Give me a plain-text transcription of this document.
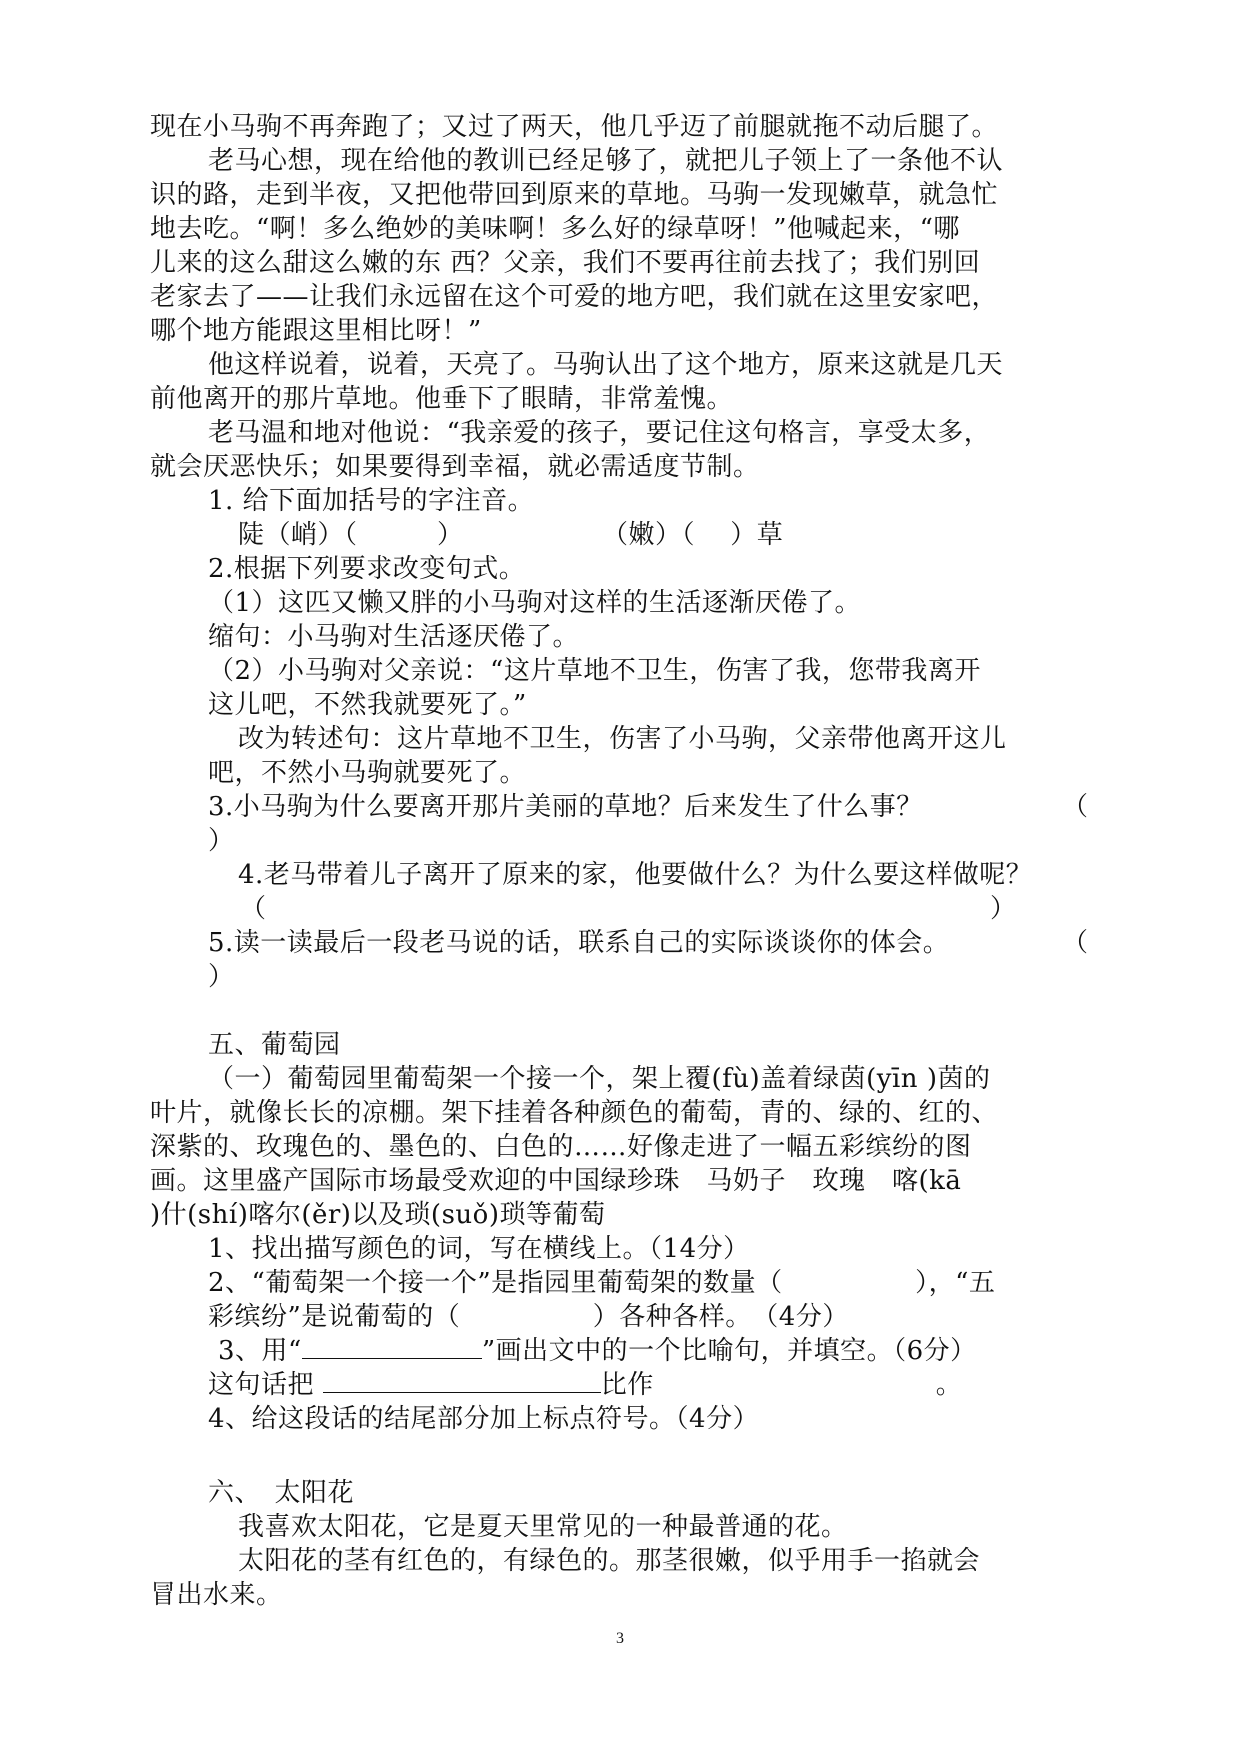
现在小马驹不再奔跑了；又过了两天，他几乎迈了前腿就拖不动后腿了。
老马心想，现在给他的教训已经足够了，就把儿子领上了一条他不认
识的路，走到半夜，又把他带回到原来的草地。马驹一发现嫩草，就急忙
地去吃。“啊！多么绝妙的美味啊！多么好的绿草呀！”他喊起来，“哪
儿来的这么甜这么嫩的东 西？父亲，我们不要再往前去找了；我们别回
老家去了——让我们永远留在这个可爱的地方吧，我们就在这里安家吧，
哪个地方能跟这里相比呀！”
他这样说着，说着，天亮了。马驹认出了这个地方，原来这就是几天
前他离开的那片草地。他垂下了眼睛，非常羞愧。
老马温和地对他说：“我亲爱的孩子，要记住这句格言，享受太多，
就会厌恶快乐；如果要得到幸福，就必需适度节制。
1. 给下面加括号的字注音。
陡（峭）（　　　）	（嫩）（　 ）草
2.根据下列要求改变句式。
（1）这匹又懒又胖的小马驹对这样的生活逐渐厌倦了。
缩句：小马驹对生活逐厌倦了。
（2）小马驹对父亲说：“这片草地不卫生，伤害了我，您带我离开
这儿吧，不然我就要死了。”
改为转述句：这片草地不卫生，伤害了小马驹，父亲带他离开这儿
吧，不然小马驹就要死了。
3.小马驹为什么要离开那片美丽的草地？后来发生了什么事？	（
）
4.老马带着儿子离开了原来的家，他要做什么？为什么要这样做呢？
（	）
5.读一读最后一段老马说的话，联系自己的实际谈谈你的体会。	（
）
五、葡萄园
（一）葡萄园里葡萄架一个接一个，架上覆(fù)盖着绿茵(yīn )茵的
叶片，就像长长的凉棚。架下挂着各种颜色的葡萄，青的、绿的、红的、
深紫的、玫瑰色的、墨色的、白色的……好像走进了一幅五彩缤纷的图
画。这里盛产国际市场最受欢迎的中国绿珍珠　马奶子　玫瑰　喀(kā
)什(shí)喀尔(ěr)以及琐(suǒ)琐等葡萄
1、找出描写颜色的词，写在横线上。（14分）
2、“葡萄架一个接一个”是指园里葡萄架的数量（　　　　　），“五
彩缤纷”是说葡萄的（　　　　　）各种各样。　（4分）
3、用“	”画出文中的一个比喻句，并填空。（6分）
这句话把	比作	。
4、给这段话的结尾部分加上标点符号。（4分）
六、　太阳花
我喜欢太阳花，它是夏天里常见的一种最普通的花。
太阳花的茎有红色的，有绿色的。那茎很嫩，似乎用手一掐就会
冒出水来。
3
